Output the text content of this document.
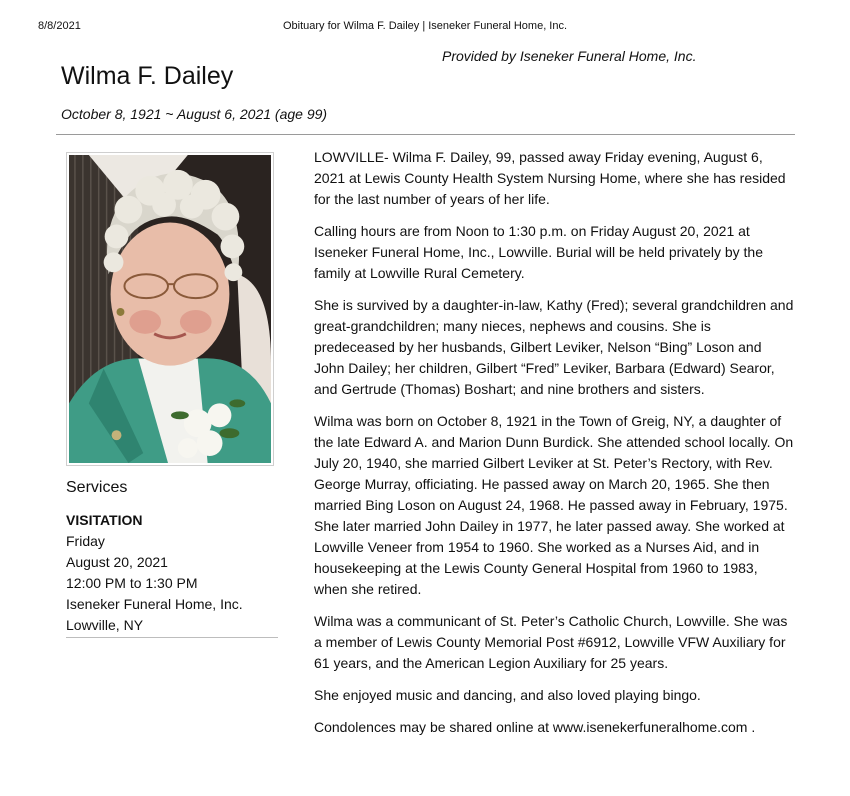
8/8/2021	Obituary for Wilma F. Dailey | Iseneker Funeral Home, Inc.
Provided by Iseneker Funeral Home, Inc.
Wilma F. Dailey
October 8, 1921 ~ August 6, 2021 (age 99)
Services
VISITATION
Friday
August 20, 2021
12:00 PM to 1:30 PM
Iseneker Funeral Home, Inc.
Lowville, NY

LOWVILLE- Wilma F. Dailey, 99, passed away Friday evening, August 6, 2021 at Lewis County Health System Nursing Home, where she has resided for the last number of years of her life.

Calling hours are from Noon to 1:30 p.m. on Friday August 20, 2021 at Iseneker Funeral Home, Inc., Lowville. Burial will be held privately by the family at Lowville Rural Cemetery.

She is survived by a daughter-in-law, Kathy (Fred); several grandchildren and great-grandchildren; many nieces, nephews and cousins. She is predeceased by her husbands, Gilbert Leviker, Nelson “Bing” Loson and John Dailey; her children, Gilbert “Fred” Leviker, Barbara (Edward) Searor, and Gertrude (Thomas) Boshart; and nine brothers and sisters.

Wilma was born on October 8, 1921 in the Town of Greig, NY, a daughter of the late Edward A. and Marion Dunn Burdick. She attended school locally. On July 20, 1940, she married Gilbert Leviker at St. Peter’s Rectory, with Rev. George Murray, officiating. He passed away on March 20, 1965. She then married Bing Loson on August 24, 1968. He passed away in February, 1975. She later married John Dailey in 1977, he later passed away. She worked at Lowville Veneer from 1954 to 1960. She worked as a Nurses Aid, and in housekeeping at the Lewis County General Hospital from 1960 to 1983, when she retired.

Wilma was a communicant of St. Peter’s Catholic Church, Lowville. She was a member of Lewis County Memorial Post #6912, Lowville VFW Auxiliary for 61 years, and the American Legion Auxiliary for 25 years.

She enjoyed music and dancing, and also loved playing bingo.

Condolences may be shared online at www.isenekerfuneralhome.com .
